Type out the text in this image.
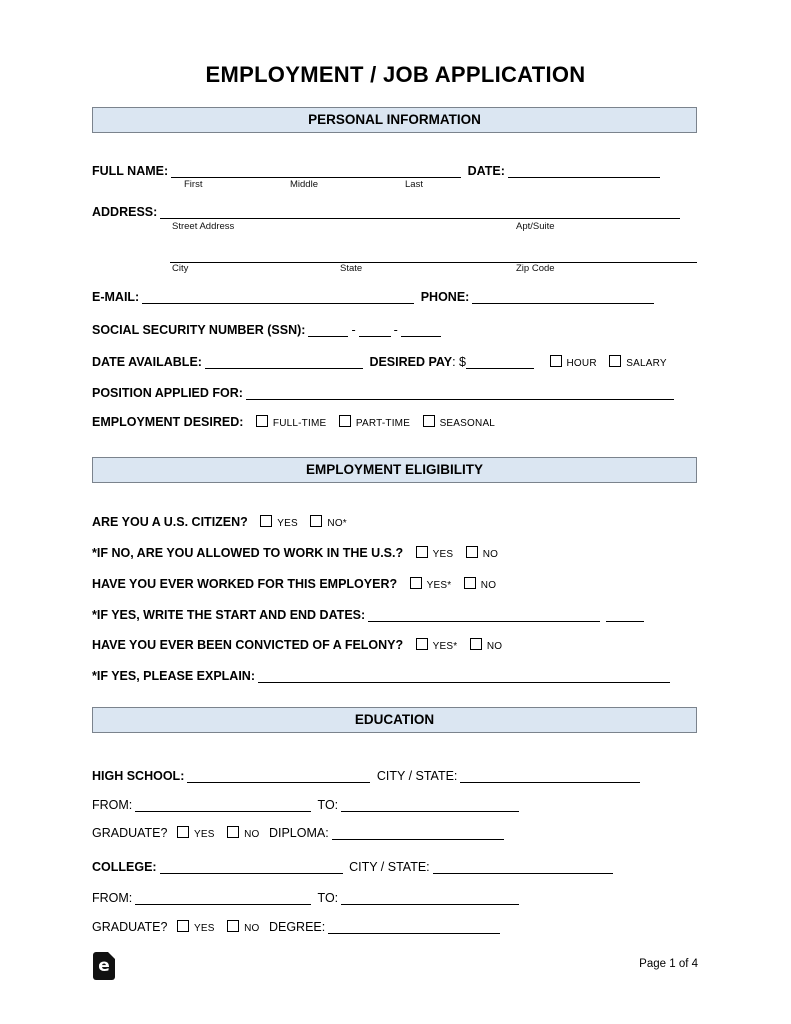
EMPLOYMENT / JOB APPLICATION
PERSONAL INFORMATION
FULL NAME:	DATE:
First	Middle	Last
ADDRESS:
Street Address	Apt/Suite
City	State	Zip Code
E-MAIL:	PHONE:
SOCIAL SECURITY NUMBER (SSN):	-	-
DATE AVAILABLE:	DESIRED PAY: $	HOUR	SALARY
POSITION APPLIED FOR:
EMPLOYMENT DESIRED:	FULL-TIME	PART-TIME	SEASONAL
EMPLOYMENT ELIGIBILITY
ARE YOU A U.S. CITIZEN?	YES	NO*
*IF NO, ARE YOU ALLOWED TO WORK IN THE U.S.?	YES	NO
HAVE YOU EVER WORKED FOR THIS EMPLOYER?	YES*	NO
*IF YES, WRITE THE START AND END DATES:
HAVE YOU EVER BEEN CONVICTED OF A FELONY?	YES*	NO
*IF YES, PLEASE EXPLAIN:
EDUCATION
HIGH SCHOOL:	CITY / STATE:
FROM:	TO:
GRADUATE?	YES	NO DIPLOMA:
COLLEGE:	CITY / STATE:
FROM:	TO:
GRADUATE?	YES	NO DEGREE:
e	Page 1 of 4
